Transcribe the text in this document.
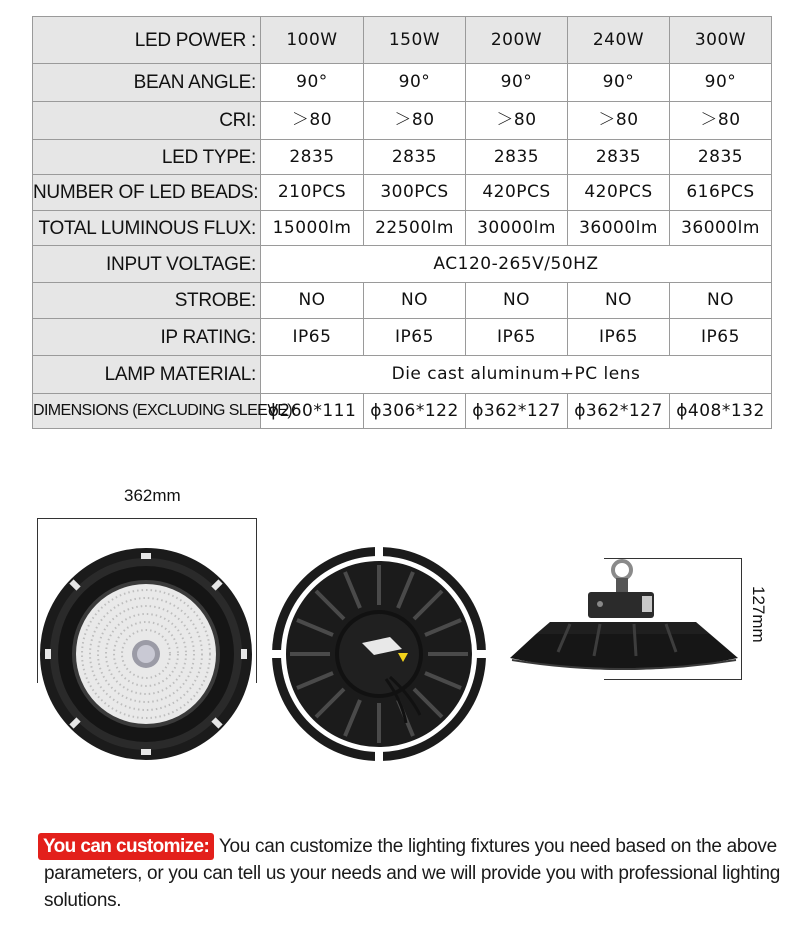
LED POWER :	100W	150W	200W	240W	300W
BEAN ANGLE:	90°	90°	90°	90°	90°
CRI:	＞80	＞80	＞80	＞80	＞80
LED TYPE:	2835	2835	2835	2835	2835
NUMBER OF LED BEADS:	210PCS	300PCS	420PCS	420PCS	616PCS
TOTAL LUMINOUS FLUX:	15000lm	22500lm	30000lm	36000lm	36000lm
INPUT VOLTAGE:	AC120-265V/50HZ				
STROBE:	NO	NO	NO	NO	NO
IP RATING:	IP65	IP65	IP65	IP65	IP65
LAMP MATERIAL:	Die cast aluminum+PC lens				
DIMENSIONS (EXCLUDING SLEEVE):	ϕ260*111	ϕ306*122	ϕ362*127	ϕ362*127	ϕ408*132
362mm
127mm

You can customize: You can customize the lighting fixtures you need based on the above parameters, or you can tell us your needs and we will provide you with professional lighting solutions.
